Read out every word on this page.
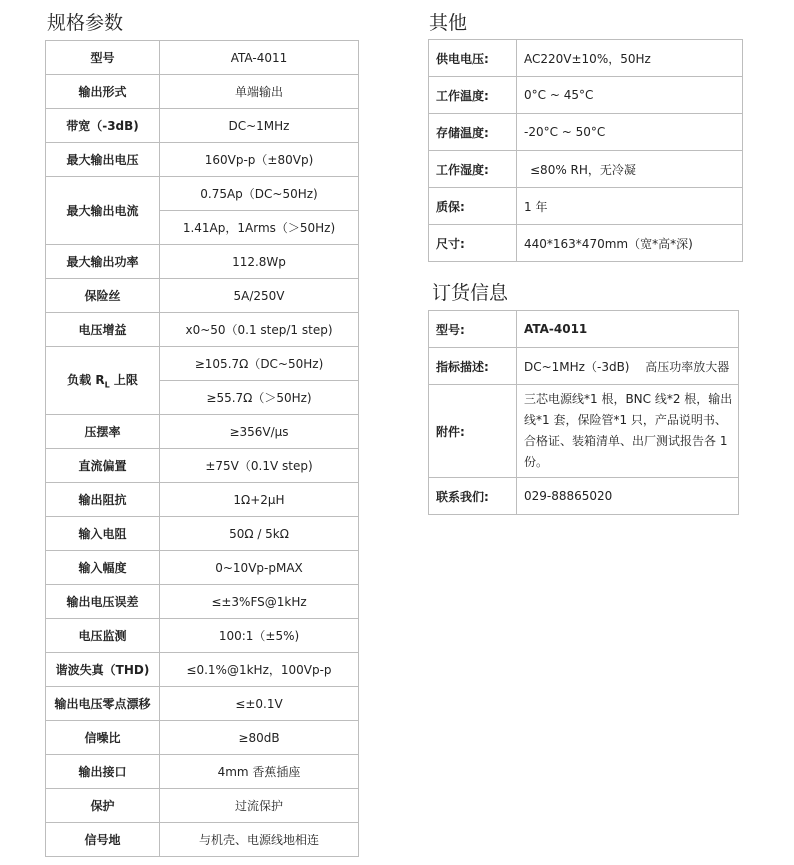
规格参数
型号	ATA-4011
输出形式	单端输出
带宽（-3dB)	DC~1MHz
最大输出电压	160Vp-p（±80Vp)
最大输出电流	0.75Ap（DC~50Hz)
	1.41Ap，1Arms（＞50Hz)
最大输出功率	112.8Wp
保险丝	5A/250V
电压增益	x0~50（0.1 step/1 step)
负载 $R_L$ 上限	≥105.7Ω（DC~50Hz)
	≥55.7Ω（＞50Hz)
压摆率	≥356V/μs
直流偏置	±75V（0.1V step)
输出阻抗	1Ω+2μH
输入电阻	50Ω / 5kΩ
输入幅度	0~10Vp-pMAX
输出电压误差	≤±3%FS@1kHz
电压监测	100:1（±5%)
谐波失真（THD)	≤0.1%@1kHz，100Vp-p
输出电压零点漂移	≤±0.1V
信噪比	≥80dB
输出接口	4mm 香蕉插座
保护	过流保护
信号地	与机壳、电源线地相连
其他
供电电压:	AC220V±10%，50Hz
工作温度:	0°C ~ 45°C
存储温度:	-20°C ~ 50°C
工作湿度:	≤80% RH，无冷凝
质保:	1 年
尺寸:	440*163*470mm（宽*高*深)
订货信息
型号:	ATA-4011
指标描述:	DC~1MHz（-3dB)　 高压功率放大器
附件:	三芯电源线*1 根，BNC 线*2 根，输出线*1 套，保险管*1 只，产品说明书、合格证、装箱清单、出厂测试报告各 1 份。
联系我们:	029-88865020
